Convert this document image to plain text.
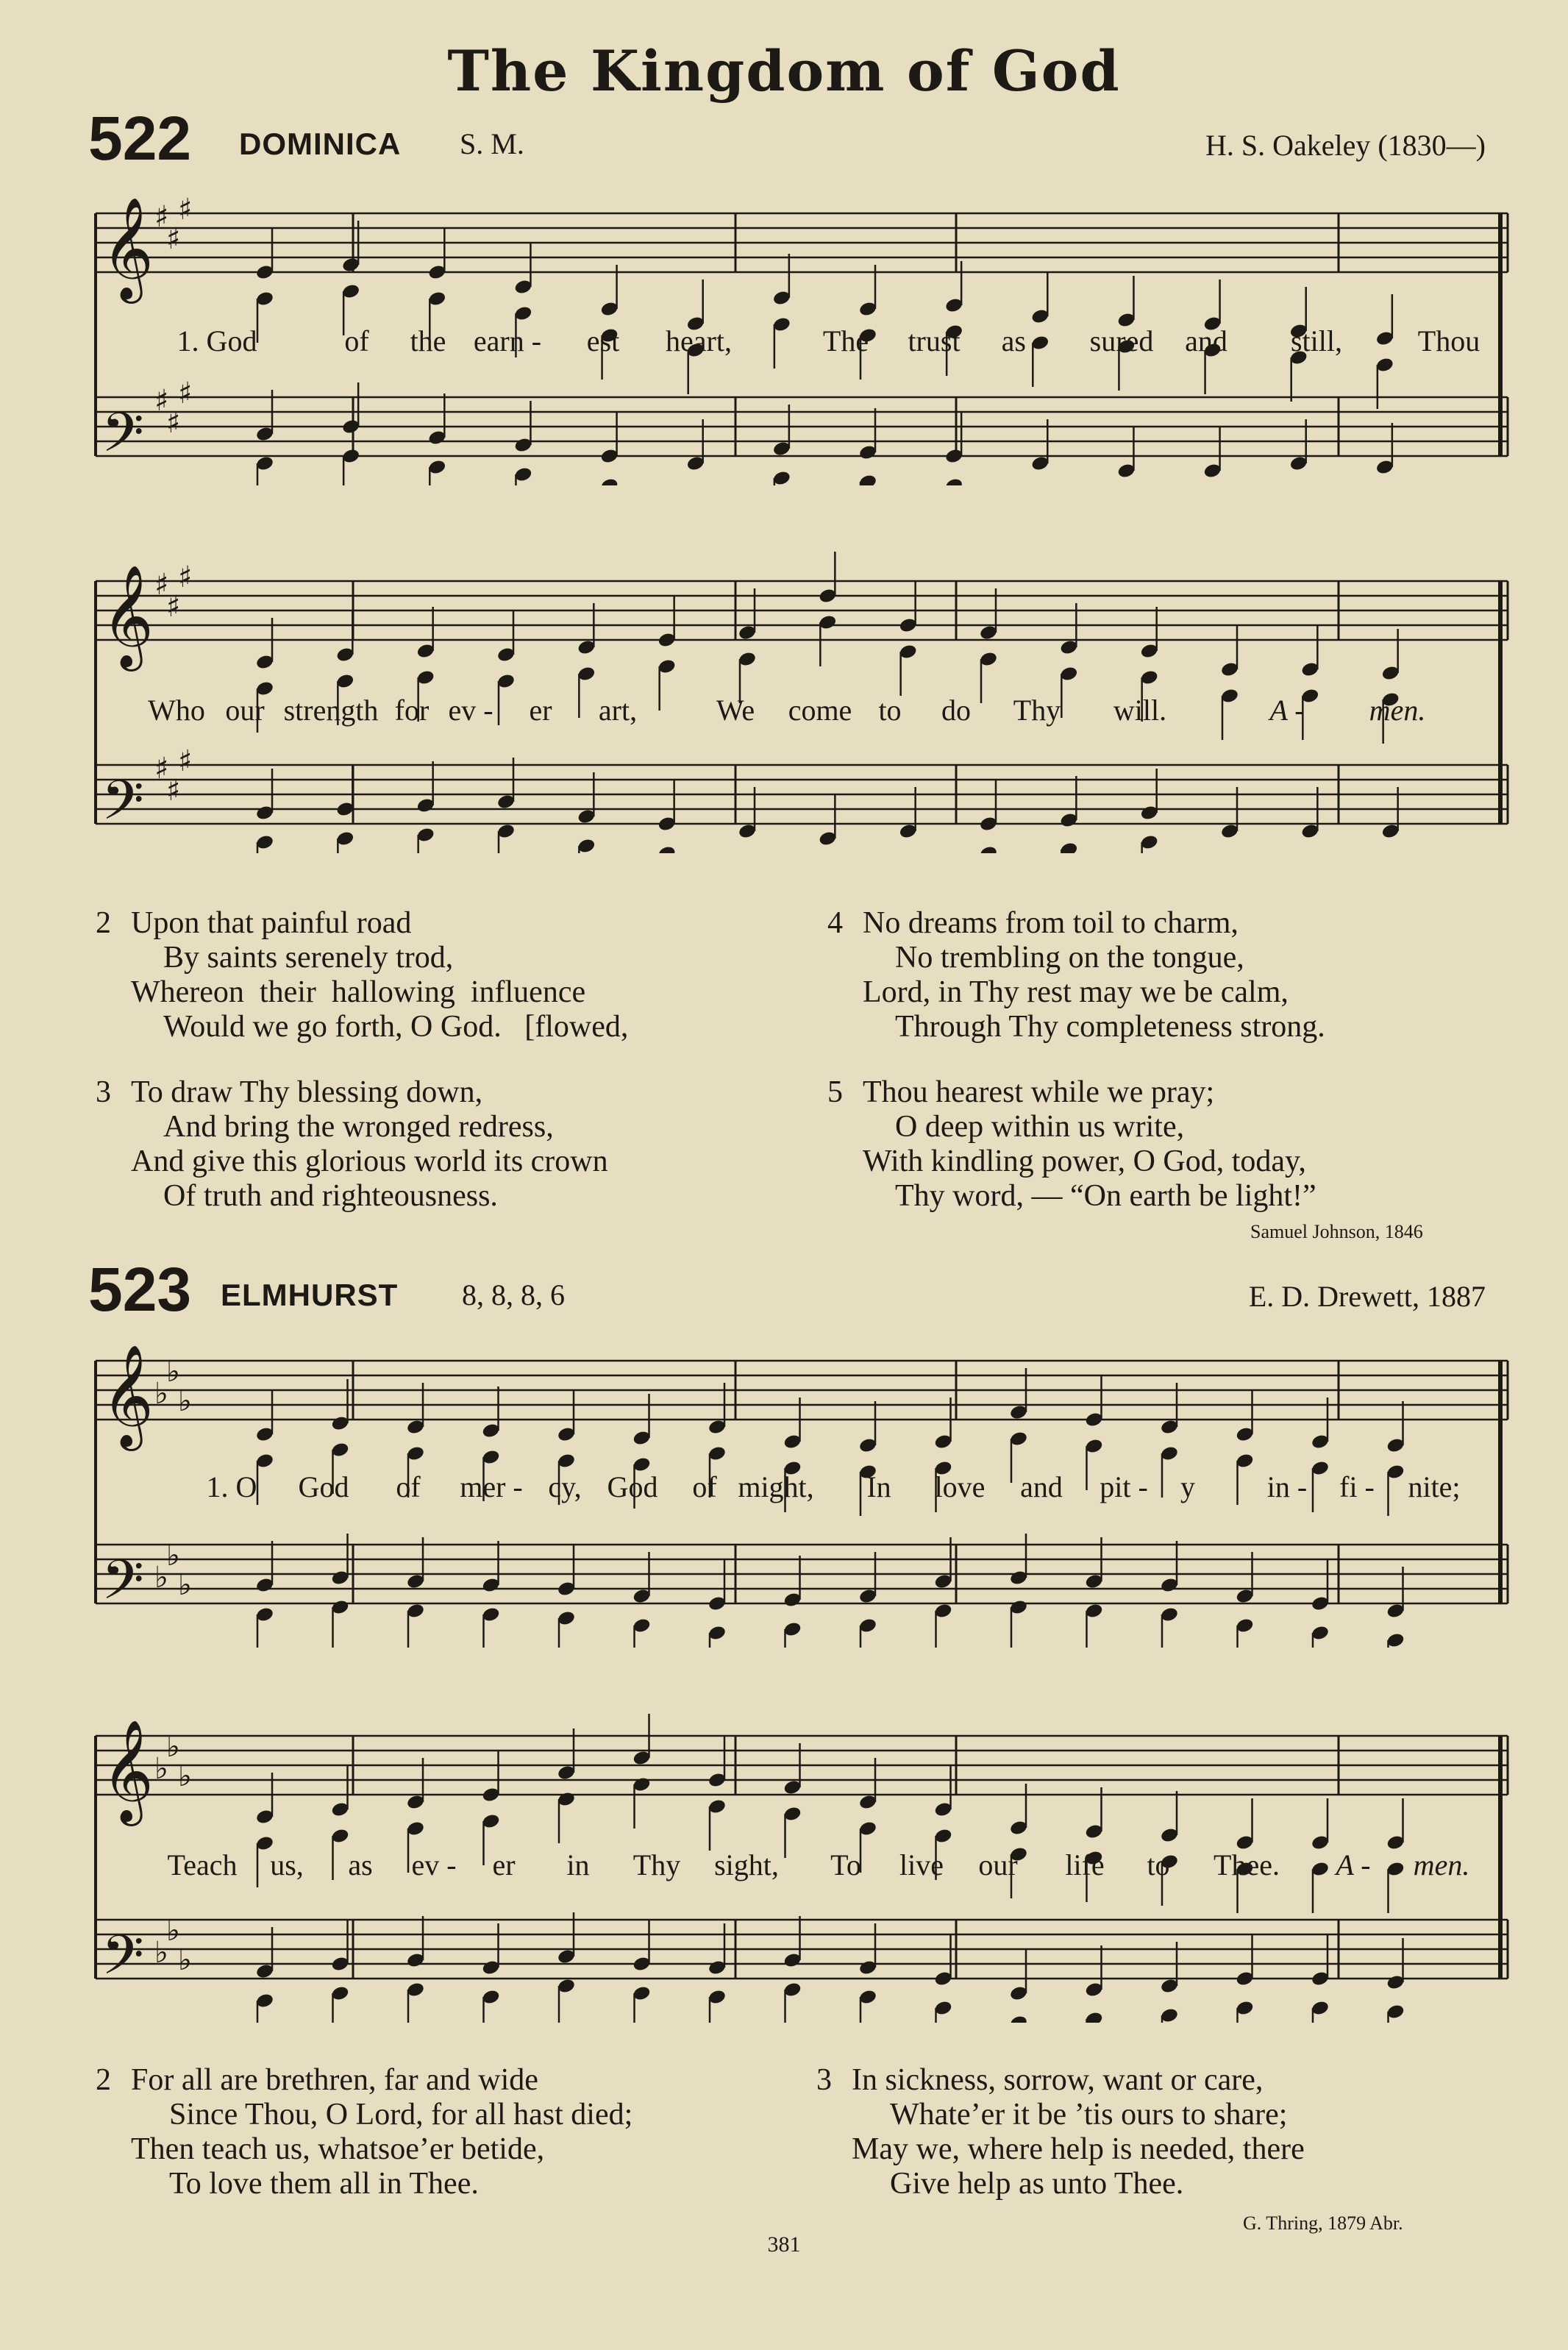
The Kingdom of God
522 DOMINICA S. M.	H. S. Oakeley (1830—)
𝄞 ♯
♯
♯
𝄢 ♯
♯
♯
1. God	of the earn - est heart,	The trust as - sured and still,	Thou
𝄞 ♯
♯
♯
𝄢 ♯
♯
♯
Who our strength for ev - er art,	We come to do Thy will.	A - men.
2 Upon that painful road
By saints serenely trod,
Whereon  their  hallowing  influence
Would we go forth, O God.   [flowed,
3 To draw Thy blessing down,
And bring the wronged redress,
And give this glorious world its crown
Of truth and righteousness.
4 No dreams from toil to charm,
No trembling on the tongue,
Lord, in Thy rest may we be calm,
Through Thy completeness strong.
5 Thou hearest while we pray;
O deep within us write,
With kindling power, O God, today,
Thy word, — “On earth be light!”
Samuel Johnson, 1846
523 ELMHURST 8, 8, 8, 6	E. D. Drewett, 1887
𝄞 ♭
♭
♭
𝄢 ♭
♭
♭
1. O God of mer - cy, God of might, In love and pit - y in - fi - nite;
𝄞 ♭
♭
♭
𝄢 ♭
♭
♭
Teach us, as ev - er in Thy sight, To live our life to Thee. A - men.
2 For all are brethren, far and wide
Since Thou, O Lord, for all hast died;
Then teach us, whatsoe’er betide,
To love them all in Thee.
3 In sickness, sorrow, want or care,
Whate’er it be ’tis ours to share;
May we, where help is needed, there
Give help as unto Thee.
G. Thring, 1879 Abr.
381
